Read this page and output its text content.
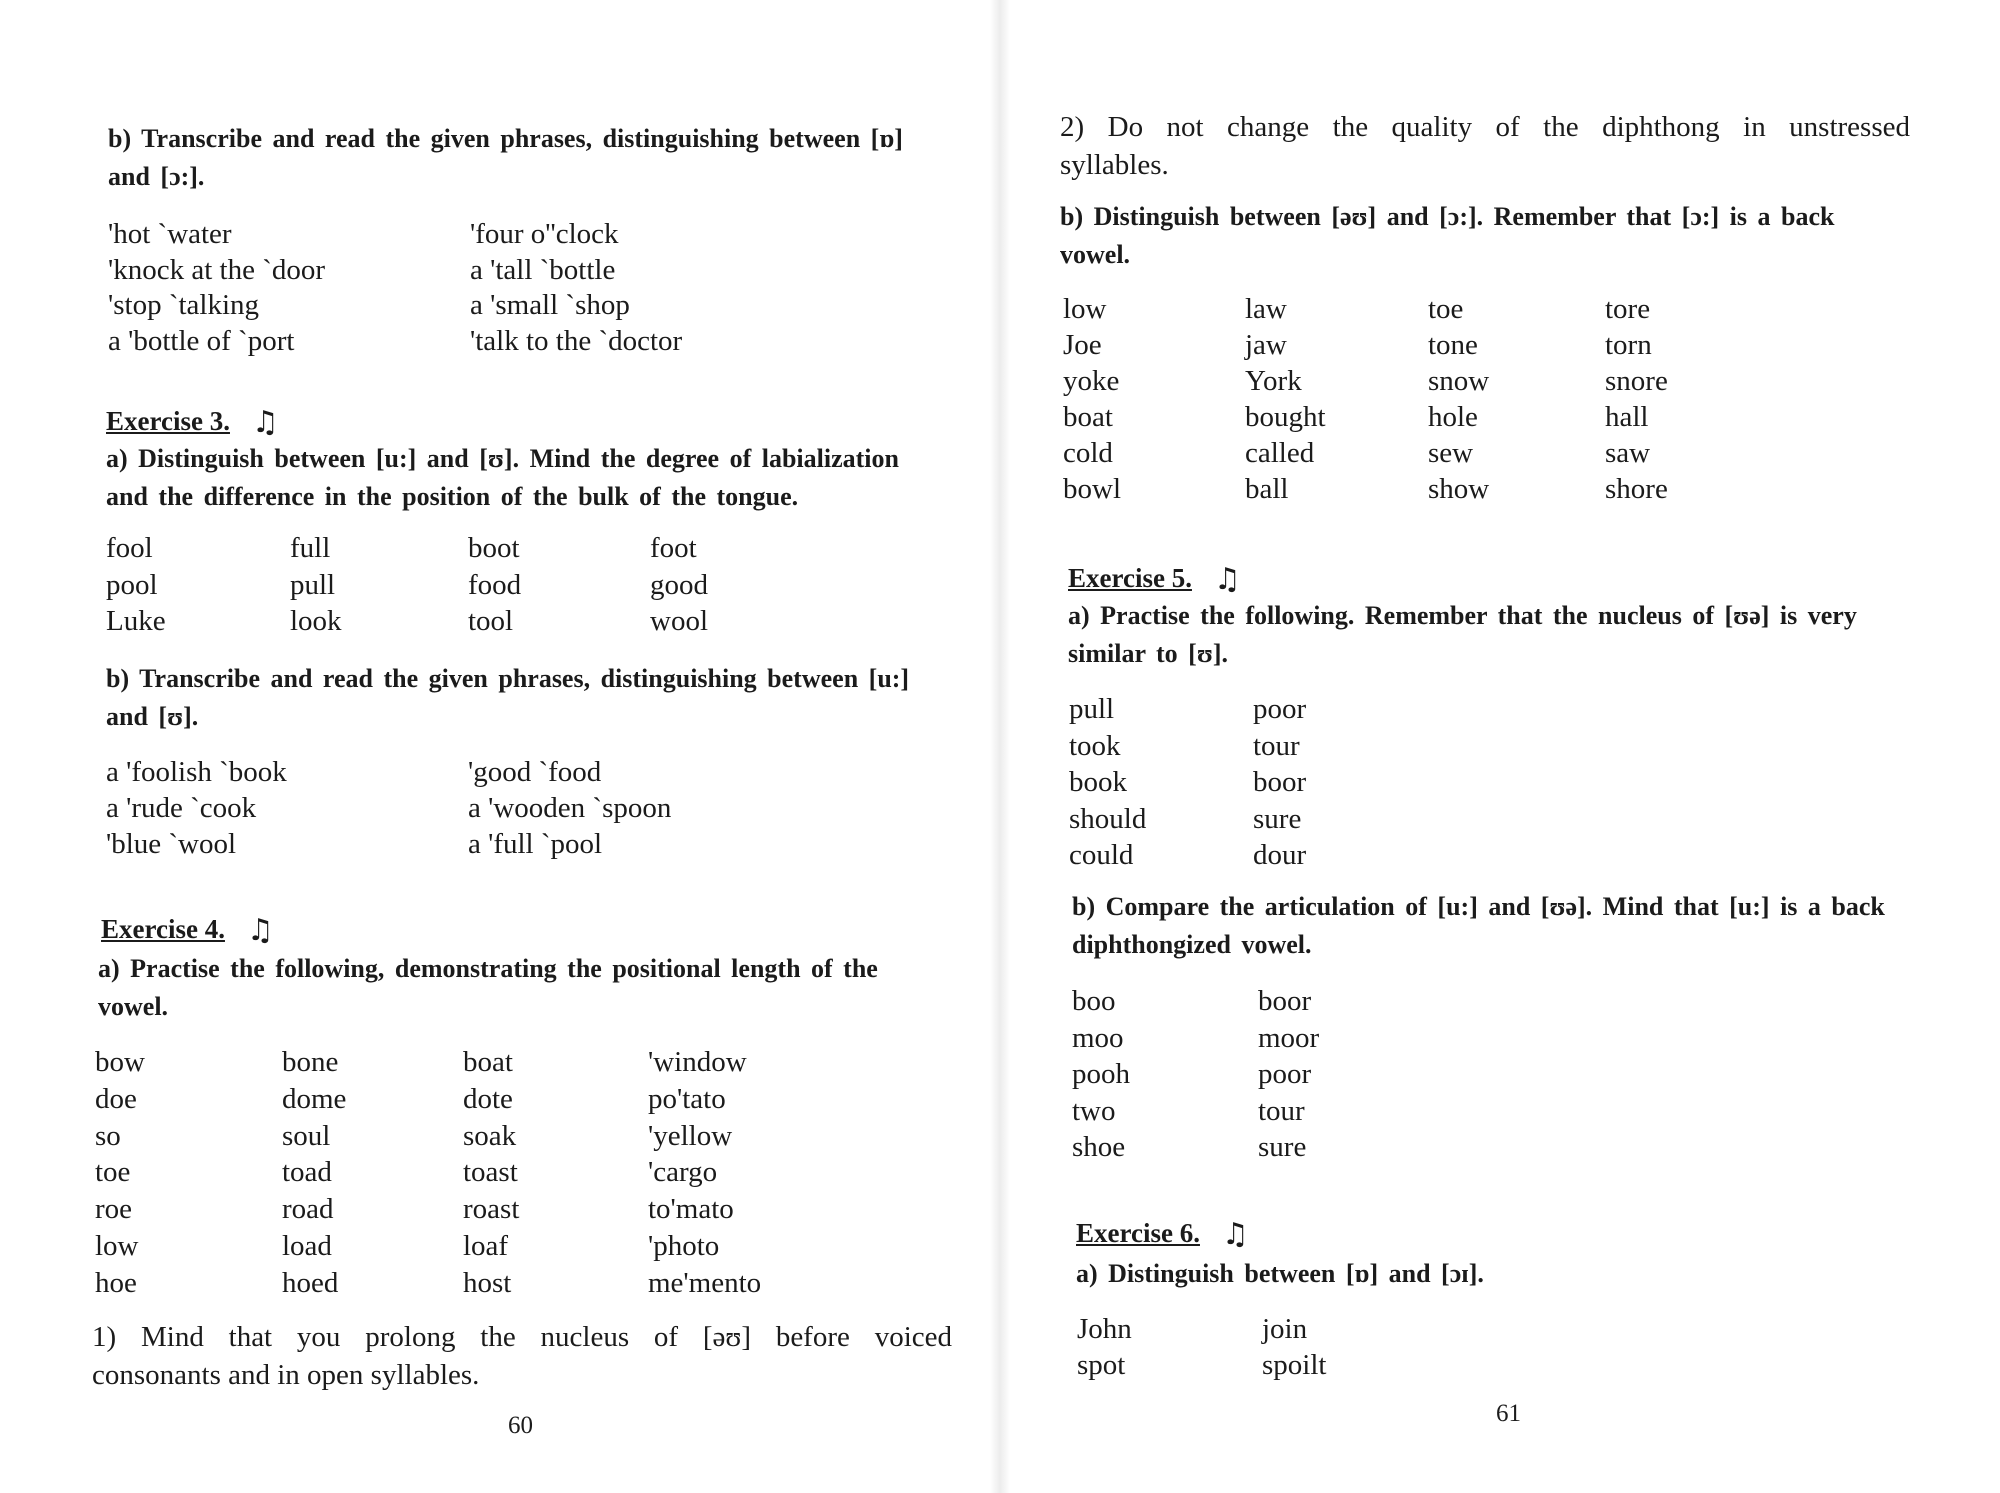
b) Transcribe and read the given phrases, distinguishing between [ɒ]
and [ɔ:].
'hot ˋwater
'knock at the ˋdoor
'stop ˋtalking
a 'bottle of ˋport
'four o''clock
a 'tall ˋbottle
a 'small ˋshop
'talk to the ˋdoctor
Exercise 3. ♫
a) Distinguish between [u:] and [ʊ]. Mind the degree of labialization
and the difference in the position of the bulk of the tongue.
fool
pool
Luke
full
pull
look
boot
food
tool
foot
good
wool
b) Transcribe and read the given phrases, distinguishing between [u:]
and [ʊ].
a 'foolish ˋbook
a 'rude ˋcook
'blue ˋwool
'good ˋfood
a 'wooden ˋspoon
a 'full ˋpool
Exercise 4. ♫
a) Practise the following, demonstrating the positional length of the
vowel.
bow
doe
so
toe
roe
low
hoe
bone
dome
soul
toad
road
load
hoed
boat
dote
soak
toast
roast
loaf
host
'window
po'tato
'yellow
'cargo
to'mato
'photo
me'mento
1) Mind that you prolong the nucleus of [əʊ] before voiced
consonants and in open syllables.
60
2) Do not change the quality of the diphthong in unstressed
syllables.
b) Distinguish between [əʊ] and [ɔ:]. Remember that [ɔ:] is a back
vowel.
low
Joe
yoke
boat
cold
bowl
law
jaw
York
bought
called
ball
toe
tone
snow
hole
sew
show
tore
torn
snore
hall
saw
shore
Exercise 5. ♫
a) Practise the following. Remember that the nucleus of [ʊə] is very
similar to [ʊ].
pull
took
book
should
could
poor
tour
boor
sure
dour
b) Compare the articulation of [u:] and [ʊə]. Mind that [u:] is a back
diphthongized vowel.
boo
moo
pooh
two
shoe
boor
moor
poor
tour
sure
Exercise 6. ♫
a) Distinguish between [ɒ] and [ɔɪ].
John
spot
join
spoilt
61
